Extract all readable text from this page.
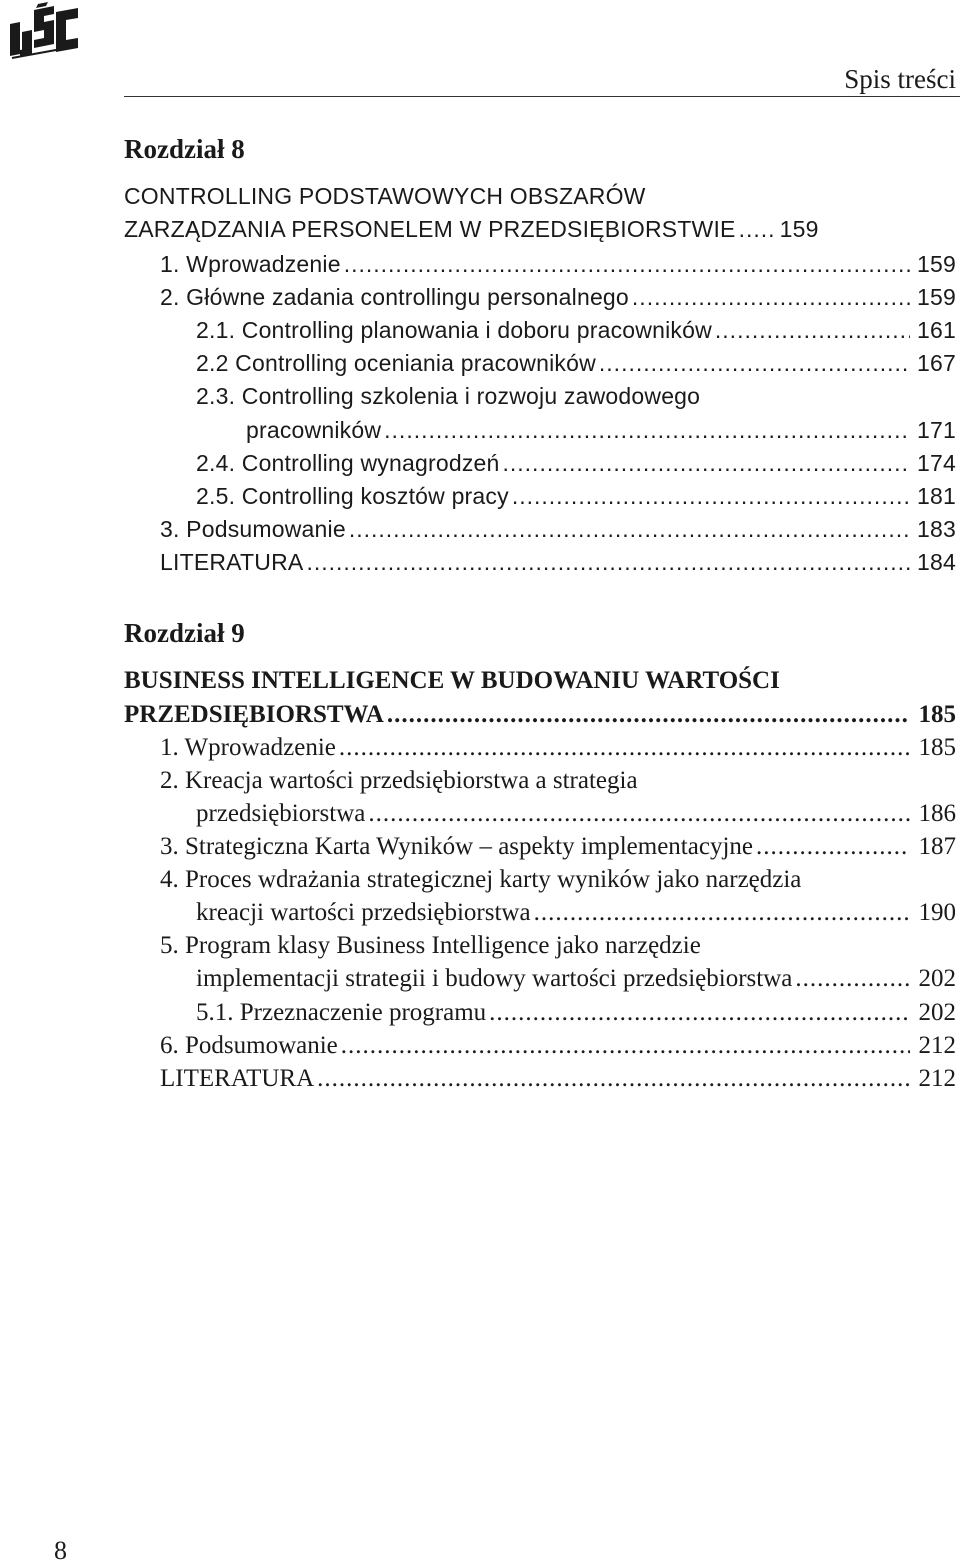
Spis treści
Rozdział 8
CONTROLLING PODSTAWOWYCH OBSZARÓW
ZARZĄDZANIA PERSONELEM W PRZEDSIĘBIORSTWIE ..... 159
1. Wprowadzenie .....	159
2. Główne zadania controllingu personalnego .....	159
2.1. Controlling planowania i doboru pracowników .....	161
2.2 Controlling oceniania pracowników .....	167
2.3. Controlling szkolenia i rozwoju zawodowego
pracowników .....	171
2.4. Controlling wynagrodzeń .....	174
2.5. Controlling kosztów pracy .....	181
3. Podsumowanie .....	183
LITERATURA .....	184
Rozdział 9
BUSINESS INTELLIGENCE W BUDOWANIU WARTOŚCI
PRZEDSIĘBIORSTWA .....	185
1. Wprowadzenie .....	185
2. Kreacja wartości przedsiębiorstwa a strategia
przedsiębiorstwa .....	186
3. Strategiczna Karta Wyników – aspekty implementacyjne .....	187
4. Proces wdrażania strategicznej karty wyników jako narzędzia
kreacji wartości przedsiębiorstwa .....	190
5. Program klasy Business Intelligence jako narzędzie
implementacji strategii i budowy wartości przedsiębiorstwa .....	202
5.1. Przeznaczenie programu .....	202
6. Podsumowanie .....	212
LITERATURA .....	212
8
